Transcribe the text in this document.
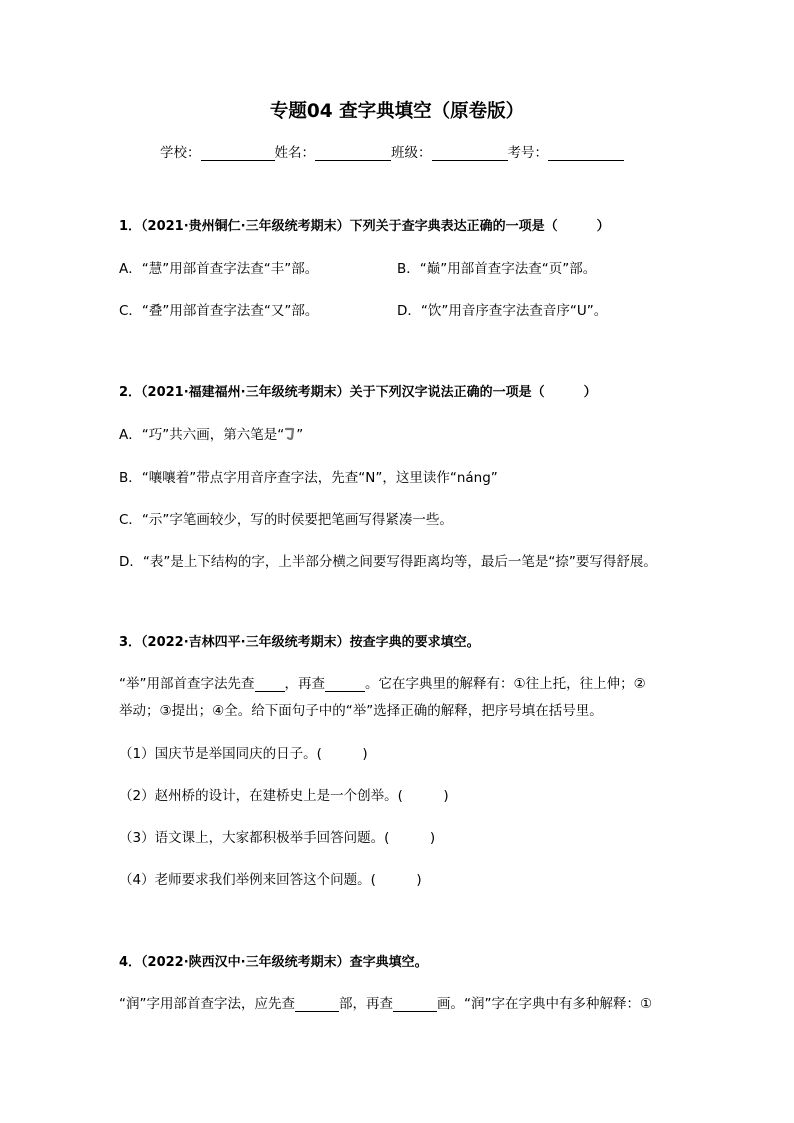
专题04 查字典填空（原卷版）
学校：	姓名：	班级：	考号：
1．（2021·贵州铜仁·三年级统考期末）下列关于查字典表达正确的一项是（　　　）
A．“慧”用部首查字法查“丰”部。	B．“巅”用部首查字法查“页”部。
C．“叠”用部首查字法查“又”部。	D．“饮”用音序查字法查音序“U”。
2．（2021·福建福州·三年级统考期末）关于下列汉字说法正确的一项是（　　　）
A．“巧”共六画，第六笔是“ ”
B．“嚷嚷着”带点字用音序查字法，先查“N”，这里读作“náng”
C．“示”字笔画较少，写的时侯要把笔画写得紧凑一些。
D．“表”是上下结构的字，上半部分横之间要写得距离均等，最后一笔是“捺”要写得舒展。
3．（2022·吉林四平·三年级统考期末）按查字典的要求填空。
“举”用部首查字法先查 ，再查	。它在字典里的解释有：①往上托，往上伸；②
举动；③提出；④全。给下面句子中的“举”选择正确的解释，把序号填在括号里。
（1）国庆节是举国同庆的日子。(　　　)
（2）赵州桥的设计，在建桥史上是一个创举。(　　　)
（3）语文课上，大家都积极举手回答问题。(　　　)
（4）老师要求我们举例来回答这个问题。(　　　)
4．（2022·陕西汉中·三年级统考期末）查字典填空。
“润”字用部首查字法，应先查	部，再查	画。“润”字在字典中有多种解释：①
